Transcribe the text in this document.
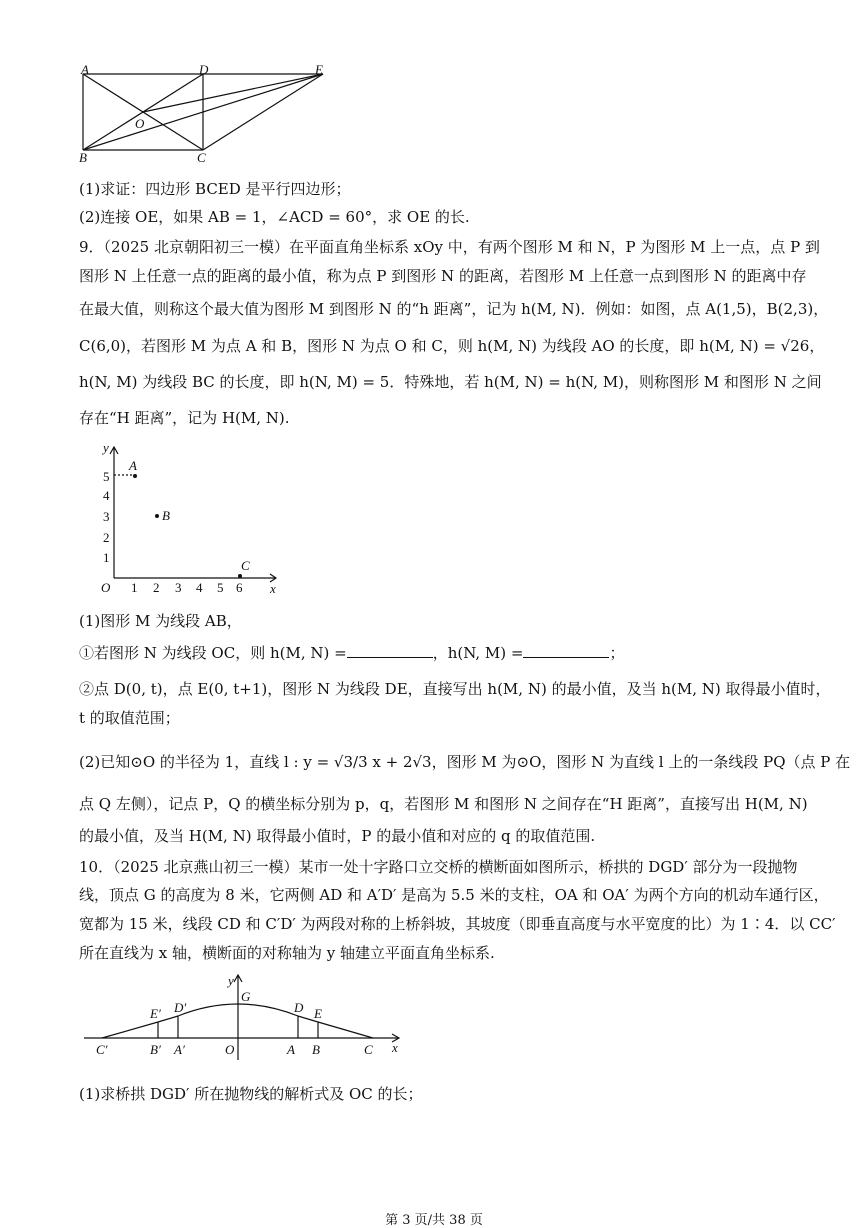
A	D	E
O
B	C
(1)求证：四边形 BCED 是平行四边形；
(2)连接 OE，如果 AB = 1，∠ACD = 60°，求 OE 的长.
9．（2025 北京朝阳初三一模）在平面直角坐标系 xOy 中，有两个图形 M 和 N，P 为图形 M 上一点，点 P 到
图形 N 上任意一点的距离的最小值，称为点 P 到图形 N 的距离，若图形 M 上任意一点到图形 N 的距离中存
在最大值，则称这个最大值为图形 M 到图形 N 的“h 距离”，记为 h(M, N)．例如：如图，点 A(1,5)，B(2,3)，
C(6,0)，若图形 M 为点 A 和 B，图形 N 为点 O 和 C，则 h(M, N) 为线段 AO 的长度，即 h(M, N) = √26，
h(N, M) 为线段 BC 的长度，即 h(N, M) = 5．特殊地，若 h(M, N) = h(N, M)，则称图形 M 和图形 N 之间
存在“H 距离”，记为 H(M, N).
y
x
O
A
B
C
1 2 3 4 5 6
1
2
3
4
5
(1)图形 M 为线段 AB，
①若图形 N 为线段 OC，则 h(M, N) =	，h(N, M) =	；
②点 D(0, t)，点 E(0, t+1)，图形 N 为线段 DE，直接写出 h(M, N) 的最小值，及当 h(M, N) 取得最小值时，
t 的取值范围；
(2)已知⊙O 的半径为 1，直线 l : y = √3/3 x + 2√3，图形 M 为⊙O，图形 N 为直线 l 上的一条线段 PQ（点 P 在
点 Q 左侧），记点 P，Q 的横坐标分别为 p，q，若图形 M 和图形 N 之间存在“H 距离”，直接写出 H(M, N)
的最小值，及当 H(M, N) 取得最小值时，P 的最小值和对应的 q 的取值范围.
10．（2025 北京燕山初三一模）某市一处十字路口立交桥的横断面如图所示，桥拱的 DGD′ 部分为一段抛物
线，顶点 G 的高度为 8 米，它两侧 AD 和 A′D′ 是高为 5.5 米的支柱，OA 和 OA′ 为两个方向的机动车通行区，
宽都为 15 米，线段 CD 和 C′D′ 为两段对称的上桥斜坡，其坡度（即垂直高度与水平宽度的比）为 1∶4．以 CC′
所在直线为 x 轴，横断面的对称轴为 y 轴建立平面直角坐标系.
y
x
G
D′
E′	D E
C′	B′ A′	O	A B	C
(1)求桥拱 DGD′ 所在抛物线的解析式及 OC 的长；
第 3 页/共 38 页
